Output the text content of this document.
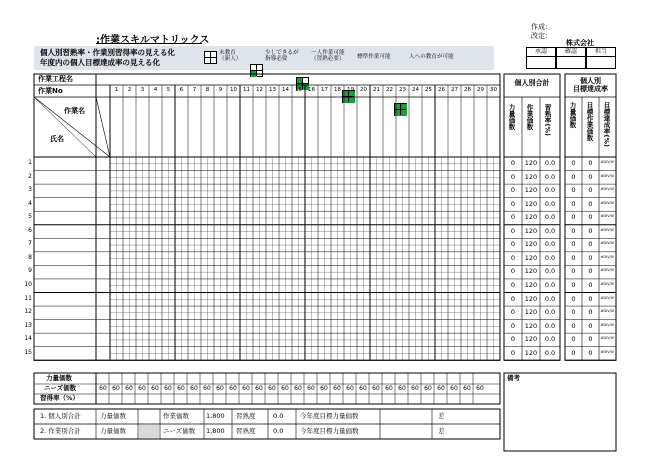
:作業スキルマトリックス
作成:
改定:
株式会社
承認	確認	担当
個人別習熟率・作業別習得率の見える化
年度内の個人目標達成率の見える化
未教育
（新人）
少しできるが
指導必要
一人作業可能
（習熟必要） 標準作業可能	人への教育が可能
作業工程名
作業No
作業名
氏名
1	2	3	4	5	6	7	8	9	10	11	12	13	14	15	16	17	18	19	20	21	22	23	24	25	26	27	28	29	30
個人別合計
力量価数 作業価数 習熟率(%)
個人別
目標達成率
力量価数 目標作業価数 目標達成率(%)
1	0	120	0.0	0	0	#DIV/0!
2	0	120	0.0	0	0	#DIV/0!
3	0	120	0.0	0	0	#DIV/0!
4	0	120	0.0	0	0	#DIV/0!
5	0	120	0.0	0	0	#DIV/0!
6	0	120	0.0	0	0	#DIV/0!
7	0	120	0.0	0	0	#DIV/0!
8	0	120	0.0	0	0	#DIV/0!
9	0	120	0.0	0	0	#DIV/0!
10	0	120	0.0	0	0	#DIV/0!
11	0	120	0.0	0	0	#DIV/0!
12	0	120	0.0	0	0	#DIV/0!
13	0	120	0.0	0	0	#DIV/0!
14	0	120	0.0	0	0	#DIV/0!
15	0	120	0.0	0	0	#DIV/0!
力量価数
ニーズ価数
習得率（%）
60 60 60 60 60 60 60 60 60 60 60 60 60 60 60 60 60 60 60 60 60 60 60 60 60 60 60 60 60 60
備考
1. 個人別合計	力量価数	作業価数	1,800 習熟度	0.0	今年度目標力量価数	差
2. 作業別合計	力量価数	ニーズ価数 1,800 習熟度	0.0	今年度目標力量価数	差
